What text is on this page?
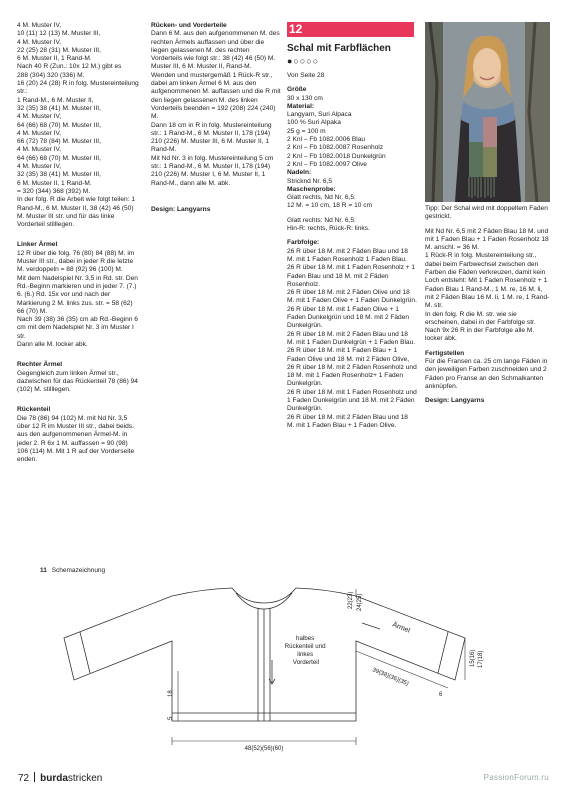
4 M. Muster IV,
10 (11) 12 (13) M. Muster III,
4 M. Muster IV,
22 (25) 28 (31) M. Muster III,
6 M. Muster II, 1 Rand-M.
Nach 40 R (Zun.: 10x 12 M.) gibt es
288 (304) 320 (336) M.
16 (20) 24 (28) R in folg. Mustereinteilung str.:
1 Rand-M., 6 M. Muster II,
32 (35) 38 (41) M. Muster III,
4 M. Muster IV,
64 (66) 68 (70) M. Muster III,
4 M. Muster IV,
66 (72) 78 (84) M. Muster III,
4 M. Muster IV,
64 (66) 68 (70) M. Muster III,
4 M. Muster IV,
32 (35) 38 (41) M. Muster III,
6 M. Muster II, 1 Rand-M.
= 320 (344) 368 (392) M.
In der folg. R die Arbeit wie folgt teilen: 1 Rand-M., 6 M. Muster II, 38 (42) 46 (50) M. Muster III str. und für das linke Vorderteil stilllegen.

Linker Ärmel

12 R über die folg. 76 (80) 84 (88) M. im Muster III str., dabei in jeder R die letzte M. verdoppeln = 88 (92) 96 (100) M.
Mit dem Nadelspiel Nr. 3,5 in Rd. str. Den Rd.-Beginn markieren und in jeder 7. (7.) 6. (6.) Rd. 15x vor und nach der Markierung 2 M. links zus. str. = 58 (62) 66 (70) M.
Nach 39 (38) 36 (35) cm ab Rd.-Beginn 6 cm mit dem Nadelspiel Nr. 3 im Muster I str.
Dann alle M. locker abk.

Rechter Ärmel

Gegengleich zum linken Ärmel str., dazwischen für das Rückenteil 78 (86) 94 (102) M. stilllegen.

Rückenteil

Die 78 (86) 94 (102) M. mit Nd Nr. 3,5 über 12 R im Muster III str., dabei beids. aus den aufgenommenen Ärmel-M. in jeder 2. R 6x 1 M. auffassen = 90 (98) 106 (114) M. Mit 1 R auf der Vorderseite enden.

Rücken- und Vorderteile

Dann 6 M. aus den aufgenommenen M. des rechten Ärmels auffassen und über die liegen gelassenen M. des rechten Vorderteils wie folgt str.: 38 (42) 46 (50) M. Muster III, 6 M. Muster II, Rand-M.
Wenden und mustergemäß 1 Rück-R str., dabei am linken Ärmel 6 M. aus den aufgenommenen M. auffassen und die R mit den liegen gelassenen M. des linken Vorderteils beenden = 192 (208) 224 (240) M.
Dann 18 cm in R in folg. Mustereinteilung str.: 1 Rand-M., 6 M. Muster II, 178 (194) 210 (226) M. Muster III, 6 M. Muster II, 1 Rand-M.
Mit Nd Nr. 3 in folg. Mustereinteilung 5 cm str.: 1 Rand-M., 6 M. Muster II, 178 (194) 210 (226) M. Muster I, 6 M. Muster II, 1 Rand-M., dann alle M. abk.

Design: Langyarns

12
Schal mit Farbflächen
●○○○○

Von Seite 28

Größe

30 x 130 cm

Material:

Langyarn, Suri Alpaca
100 % Suri Alpaka
25 g = 100 m
2 Knl – Fb 1082.0006 Blau
2 Knl – Fb 1082.0087 Rosenholz
2 Knl – Fb 1082.0018 Dunkelgrün
2 Knl – Fb 1082.0097 Olive

Nadeln:

Stricknd Nr. 6,5

Maschenprobe:

Glatt rechts, Nd Nr. 6,5:
12 M. = 10 cm, 18 R = 10 cm

Glatt rechts: Nd Nr. 6,5:
Hin-R: rechts, Rück-R: links.

Farbfolge:

26 R über 18 M. mit 2 Fäden Blau und 18 M. mit 1 Faden Rosenholz 1 Faden Blau.
26 R über 18 M. mit 1 Faden Rosenholz + 1 Faden Blau und 18 M. mit 2 Fäden Rosenholz.
26 R über 18 M. mit 2 Fäden Olive und 18 M. mit 1 Faden Olive + 1 Faden Dunkelgrün.
26 R über 18 M. mit 1 Faden Olive + 1 Faden Dunkelgrün und 18 M. mit 2 Fäden Dunkelgrün.
26 R über 18 M. mit 2 Fäden Blau und 18 M. mit 1 Faden Dunkelgrün + 1 Faden Blau.
26 R über 18 M. mit 1 Faden Blau + 1 Faden Olive und 18 M. mit 2 Fäden Olive, 26 R über 18 M. mit 2 Fäden Rosenholz und 18 M. mit 1 Faden Rosenholz+ 1 Faden Dunkelgrün.
26 R über 18 M. mit 1 Faden Rosenholz und 1 Faden Dunkelgrün und 18 M. mit 2 Fäden Dunkelgrün.
26 R über 18 M. mit 2 Fäden Blau und 18 M. mit 1 Faden Blau + 1 Faden Olive.

Tipp: Der Schal wird mit doppeltem Faden gestrickt.

Mit Nd Nr. 6,5 mit 2 Fäden Blau 18 M. und mit 1 Faden Blau + 1 Faden Rosenholz 18 M. anschl. = 36 M.
1 Rück-R in folg. Mustereinteilung str., dabei beim Farbwechsel zwischen den Farben die Fäden verkreuzen, damit kein Loch entsteht: Mit 1 Faden Rosenholz + 1 Faden Blau 1 Rand-M., 1 M. re, 16 M. li, mit 2 Fäden Blau 16 M. li, 1 M. re, 1 Rand-M. str.
In den folg. R die M. str. wie sie erscheinen, dabei in der Farbfolge str. Nach 9x 26 R in der Farbfolge alle M. locker abk.

Fertigstellen

Für die Fransen ca. 25 cm lange Fäden in den jeweiligen Farben zuschneiden und 2 Fäden pro Franse an den Schmalkanten anknüpfen.

Design: Langyarns

11 Schemazeichnung
halbes Rückenteil und linkes Vorderteil
Ärmel
22(23) 24(25)
39(38)(36)(35)
6
15(16) 17(18)
18
5
48(52)(56)(60)
72 burdastricken	PassionForum.ru
